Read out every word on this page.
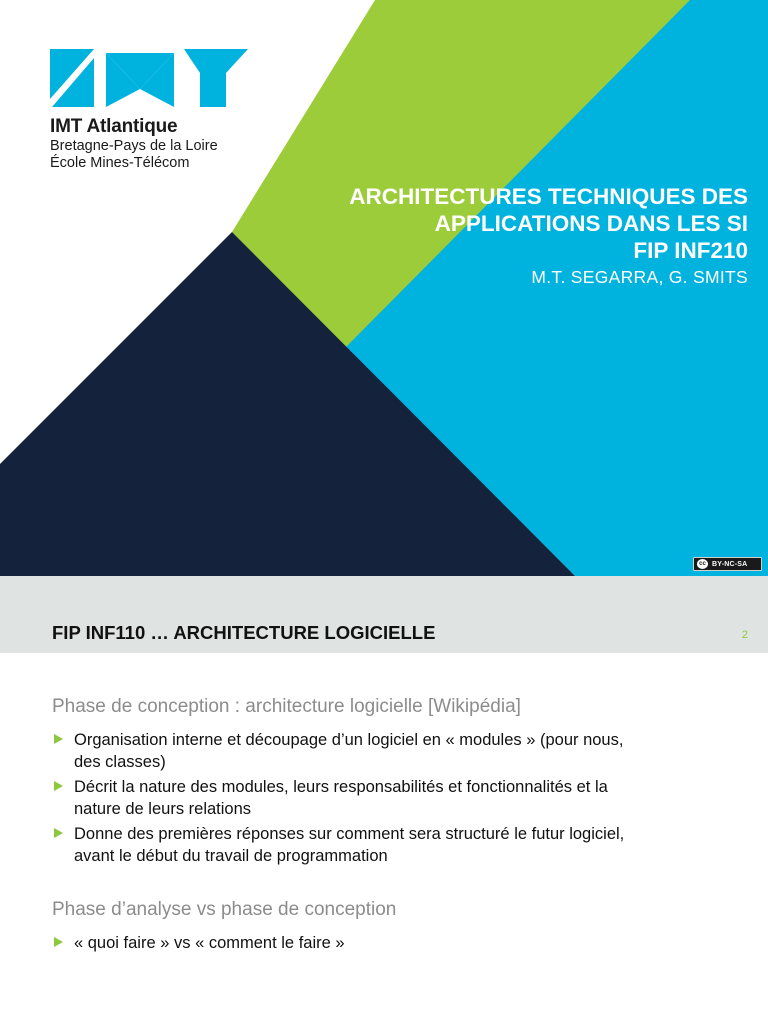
IMT Atlantique
Bretagne-Pays de la Loire
École Mines-Télécom
ARCHITECTURES TECHNIQUES DES
APPLICATIONS DANS LES SI
FIP INF210
M.T. SEGARRA, G. SMITS
cc BY-NC-SA
FIP INF110 … ARCHITECTURE LOGICIELLE	2
Phase de conception : architecture logicielle [Wikipédia]
Organisation interne et découpage d’un logiciel en « modules » (pour nous,
des classes)
Décrit la nature des modules, leurs responsabilités et fonctionnalités et la
nature de leurs relations
Donne des premières réponses sur comment sera structuré le futur logiciel,
avant le début du travail de programmation
Phase d’analyse vs phase de conception
« quoi faire » vs « comment le faire »
